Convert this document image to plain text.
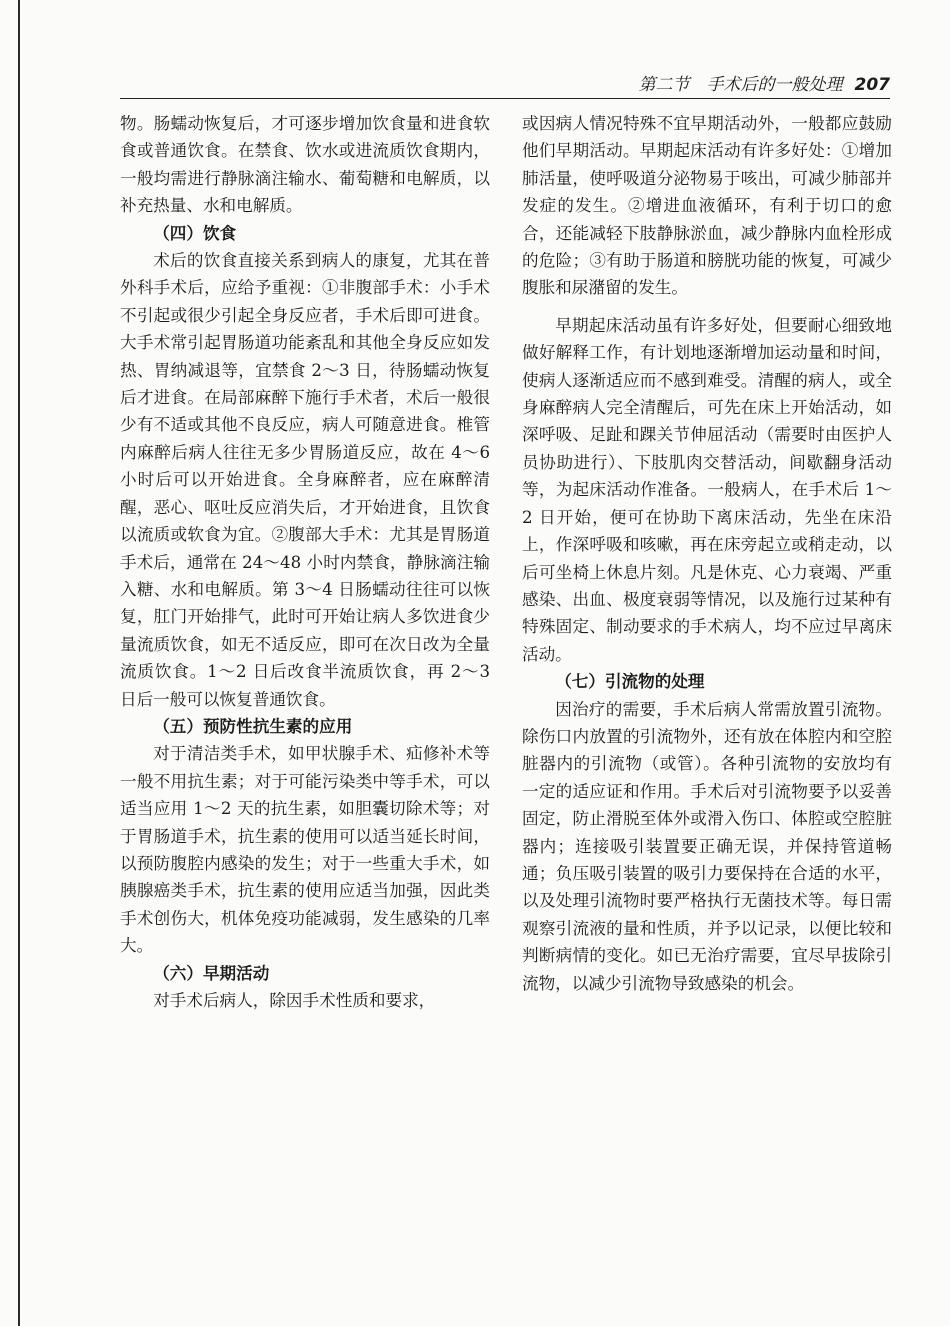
第二节　手术后的一般处理 207

物。肠蠕动恢复后，才可逐步增加饮食量和进食软食或普通饮食。在禁食、饮水或进流质饮食期内，一般均需进行静脉滴注输水、葡萄糖和电解质，以补充热量、水和电解质。

（四）饮食

术后的饮食直接关系到病人的康复，尤其在普外科手术后，应给予重视：①非腹部手术：小手术不引起或很少引起全身反应者，手术后即可进食。大手术常引起胃肠道功能紊乱和其他全身反应如发热、胃纳减退等，宜禁食 2～3 日，待肠蠕动恢复后才进食。在局部麻醉下施行手术者，术后一般很少有不适或其他不良反应，病人可随意进食。椎管内麻醉后病人往往无多少胃肠道反应，故在 4～6 小时后可以开始进食。全身麻醉者，应在麻醉清醒，恶心、呕吐反应消失后，才开始进食，且饮食以流质或软食为宜。②腹部大手术：尤其是胃肠道手术后，通常在 24～48 小时内禁食，静脉滴注输入糖、水和电解质。第 3～4 日肠蠕动往往可以恢复，肛门开始排气，此时可开始让病人多饮进食少量流质饮食，如无不适反应，即可在次日改为全量流质饮食。1～2 日后改食半流质饮食，再 2～3 日后一般可以恢复普通饮食。

（五）预防性抗生素的应用

对于清洁类手术，如甲状腺手术、疝修补术等一般不用抗生素；对于可能污染类中等手术，可以适当应用 1～2 天的抗生素，如胆囊切除术等；对于胃肠道手术，抗生素的使用可以适当延长时间，以预防腹腔内感染的发生；对于一些重大手术，如胰腺癌类手术，抗生素的使用应适当加强，因此类手术创伤大，机体免疫功能减弱，发生感染的几率大。

（六）早期活动

对手术后病人，除因手术性质和要求，

或因病人情况特殊不宜早期活动外，一般都应鼓励他们早期活动。早期起床活动有许多好处：①增加肺活量，使呼吸道分泌物易于咳出，可减少肺部并发症的发生。②增进血液循环，有利于切口的愈合，还能减轻下肢静脉淤血，减少静脉内血栓形成的危险；③有助于肠道和膀胱功能的恢复，可减少腹胀和尿潴留的发生。

早期起床活动虽有许多好处，但要耐心细致地做好解释工作，有计划地逐渐增加运动量和时间，使病人逐渐适应而不感到难受。清醒的病人，或全身麻醉病人完全清醒后，可先在床上开始活动，如深呼吸、足趾和踝关节伸屈活动（需要时由医护人员协助进行）、下肢肌肉交替活动，间歇翻身活动等，为起床活动作准备。一般病人，在手术后 1～2 日开始，便可在协助下离床活动，先坐在床沿上，作深呼吸和咳嗽，再在床旁起立或稍走动，以后可坐椅上休息片刻。凡是休克、心力衰竭、严重感染、出血、极度衰弱等情况，以及施行过某种有特殊固定、制动要求的手术病人，均不应过早离床活动。

（七）引流物的处理

因治疗的需要，手术后病人常需放置引流物。除伤口内放置的引流物外，还有放在体腔内和空腔脏器内的引流物（或管）。各种引流物的安放均有一定的适应证和作用。手术后对引流物要予以妥善固定，防止滑脱至体外或滑入伤口、体腔或空腔脏器内；连接吸引装置要正确无误，并保持管道畅通；负压吸引装置的吸引力要保持在合适的水平，以及处理引流物时要严格执行无菌技术等。每日需观察引流液的量和性质，并予以记录，以便比较和判断病情的变化。如已无治疗需要，宜尽早拔除引流物，以减少引流物导致感染的机会。
